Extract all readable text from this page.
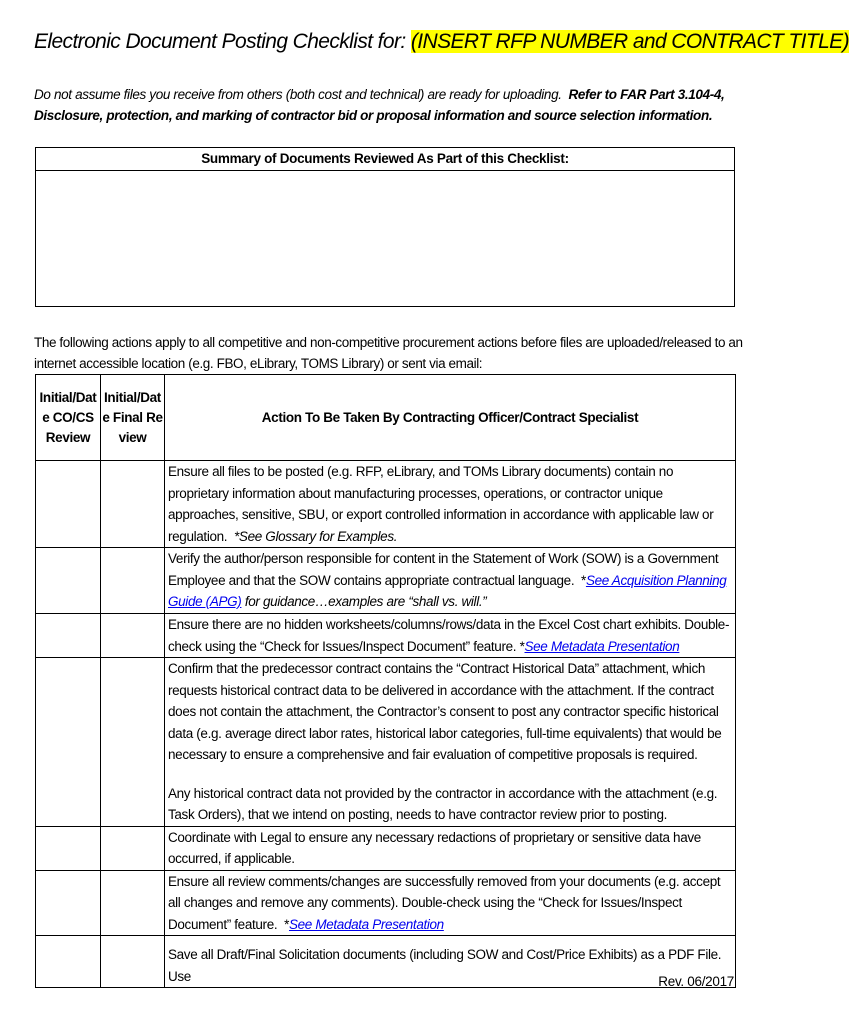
Electronic Document Posting Checklist for: (INSERT RFP NUMBER and CONTRACT TITLE)
Do not assume files you receive from others (both cost and technical) are ready for uploading. Refer to FAR Part 3.104-4, Disclosure, protection, and marking of contractor bid or proposal information and source selection information.
Summary of Documents Reviewed As Part of this Checklist:
The following actions apply to all competitive and non-competitive procurement actions before files are uploaded/released to an internet accessible location (e.g. FBO, eLibrary, TOMS Library) or sent via email:
Initial/Date CO/CS Review	Initial/Date Final Review	Action To Be Taken By Contracting Officer/Contract Specialist
		Ensure all files to be posted (e.g. RFP, eLibrary, and TOMs Library documents) contain no proprietary information about manufacturing processes, operations, or contractor unique approaches, sensitive, SBU, or export controlled information in accordance with applicable law or regulation. *See Glossary for Examples.
		Verify the author/person responsible for content in the Statement of Work (SOW) is a Government Employee and that the SOW contains appropriate contractual language. *See Acquisition Planning Guide (APG) for guidance…examples are “shall vs. will.”
		Ensure there are no hidden worksheets/columns/rows/data in the Excel Cost chart exhibits. Double-check using the “Check for Issues/Inspect Document” feature. *See Metadata Presentation

		Confirm that the predecessor contract contains the “Contract Historical Data” attachment, which requests historical contract data to be delivered in accordance with the attachment. If the contract does not contain the attachment, the Contractor’s consent to post any contractor specific historical data (e.g. average direct labor rates, historical labor categories, full-time equivalents) that would be necessary to ensure a comprehensive and fair evaluation of competitive proposals is required.
Any historical contract data not provided by the contractor in accordance with the attachment (e.g. Task Orders), that we intend on posting, needs to have contractor review prior to posting.

		Coordinate with Legal to ensure any necessary redactions of proprietary or sensitive data have occurred, if applicable.
		Ensure all review comments/changes are successfully removed from your documents (e.g. accept all changes and remove any comments). Double-check using the “Check for Issues/Inspect Document” feature. *See Metadata Presentation
		Save all Draft/Final Solicitation documents (including SOW and Cost/Price Exhibits) as a PDF File. Use	Rev. 06/2017
